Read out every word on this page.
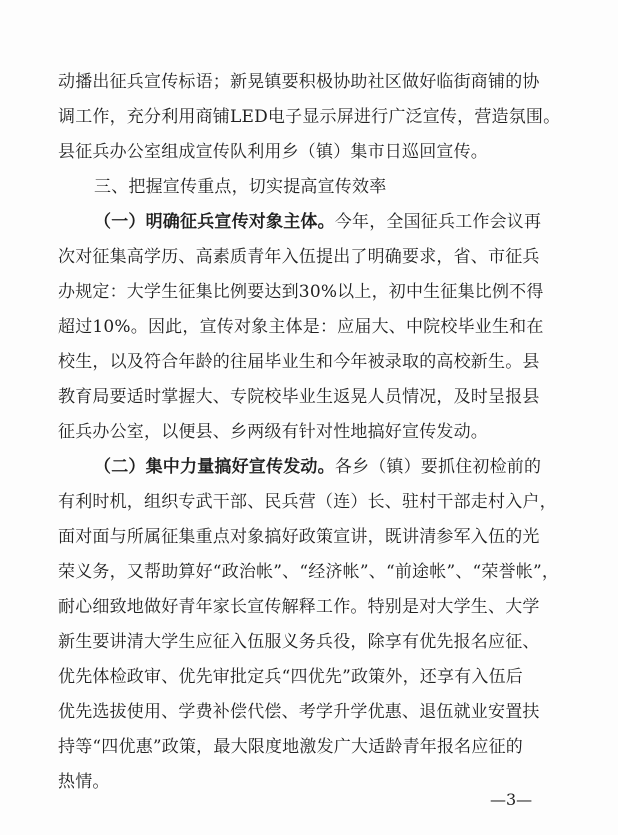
动播出征兵宣传标语；新晃镇要积极协助社区做好临街商铺的协
调工作，充分利用商铺LED电子显示屏进行广泛宣传，营造氛围。
县征兵办公室组成宣传队利用乡（镇）集市日巡回宣传。
三、把握宣传重点，切实提高宣传效率
（一）明确征兵宣传对象主体。今年，全国征兵工作会议再
次对征集高学历、高素质青年入伍提出了明确要求，省、市征兵
办规定：大学生征集比例要达到30%以上，初中生征集比例不得
超过10%。因此，宣传对象主体是：应届大、中院校毕业生和在
校生，以及符合年龄的往届毕业生和今年被录取的高校新生。县
教育局要适时掌握大、专院校毕业生返晃人员情况，及时呈报县
征兵办公室，以便县、乡两级有针对性地搞好宣传发动。
（二）集中力量搞好宣传发动。各乡（镇）要抓住初检前的
有利时机，组织专武干部、民兵营（连）长、驻村干部走村入户，
面对面与所属征集重点对象搞好政策宣讲，既讲清参军入伍的光
荣义务，又帮助算好“政治帐”、“经济帐”、“前途帐”、“荣誉帐”，
耐心细致地做好青年家长宣传解释工作。特别是对大学生、大学
新生要讲清大学生应征入伍服义务兵役，除享有优先报名应征、
优先体检政审、优先审批定兵“四优先”政策外，还享有入伍后
优先选拔使用、学费补偿代偿、考学升学优惠、退伍就业安置扶
持等“四优惠”政策，最大限度地激发广大适龄青年报名应征的
热情。
—3—
